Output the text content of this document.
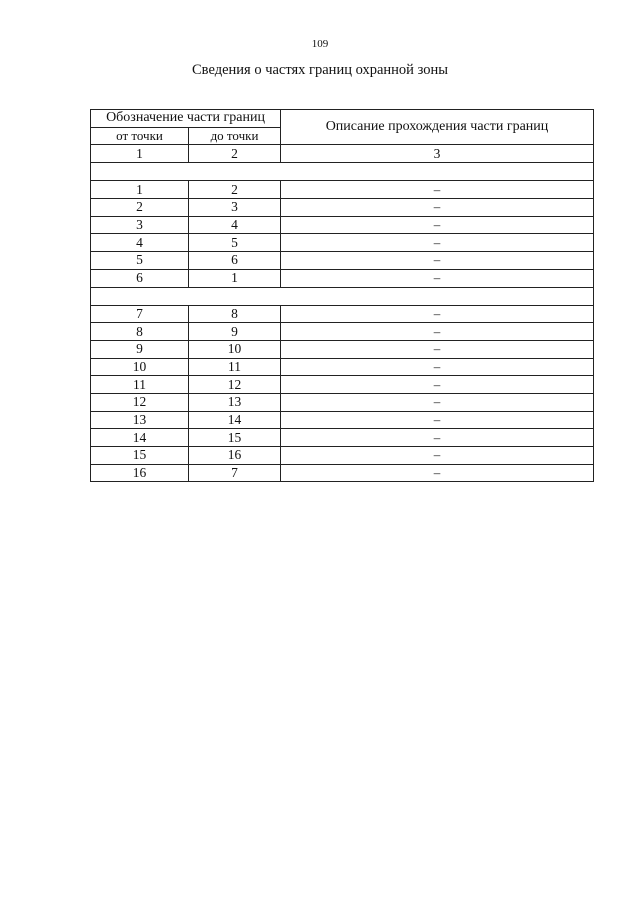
109
Сведения о частях границ охранной зоны
Обозначение части границ		Описание прохождения части границ
от точки	до точки	
1	2	3

1	2	–
2	3	–
3	4	–
4	5	–
5	6	–
6	1	–

7	8	–
8	9	–
9	10	–
10	11	–
11	12	–
12	13	–
13	14	–
14	15	–
15	16	–
16	7	–
